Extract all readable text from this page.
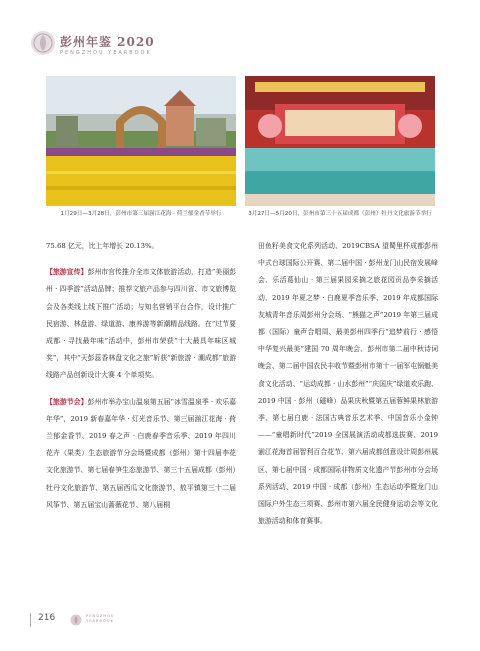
彭州年鉴 2020
PENGZHOU YEARBOOK
1月29日—3月28日，彭州市第三届湔江花海 · 荷兰郁金香节举行	3月27日—5月20日，彭州市第三十五届成都（彭州）牡丹文化旅游节举行

75.68 亿元，比上年增长 20.13%。

【旅游宣传】彭州市官传推介全市文体旅游活动，打造“美丽彭州 · 四季游”活动品牌；推荐文旅产品参与四川省、市文旅博览会及各类线上线下推广活动；与知名营销平台合作，设计推广民宿游、林盘游、绿道游、康养游等新潮精品线路。在“过节要成都 · 寻找最年味”活动中，彭州市荣获“十大最具年味区城奖”，其中“天彭蕊香林盘文化之旅”斩获“新旅游 · 潮成都”旅游线路产品创新设计大赛 4 个单项奖。

【旅游节会】彭州市举办宝山温泉第五届“冰雪温泉季 · 欢乐嘉年华”，2019 新春嘉年华 · 灯光音乐节、第三届湔江花海 · 荷兰郁金香节、2019 春之声 · 白鹿春季音乐季、2019 年四川花卉（果类）生态旅游节分会场暨成都（彭州）第十四届李花文化旅游节、第七届春笋生态旅游节、第三十五届成都（彭州）牡丹文化旅游节、第五届西瓜文化旅游节、敖平镇第三十二届风筝节、第五届宝山蔷薇花节、第八届桐

田鱼籽美食文化系列活动、2019CBSA 望蜀里杯成都彭州中式台球国际公开赛、第二届中国 · 彭州龙门山民宿发展峰会、乐活葛仙山 · 第三届果园采摘之旅花园贡品李采摘活动、2019 年夏之梦 · 白鹿夏季音乐季、2019 年成都国际友城青年音乐周彭州分会场、“熊猫之声”2019 年第三届成都（国际）童声合唱周、最美彭州四季行“追梦前行 · 感悟中华复兴最美”建国 70 周年晚会、彭州市第二届中秋诗词晚会、第二届中国农民丰收节暨彭州市第十一届军屯锅魁美食文化活动、“运动成都 · 山水彭州”“庆国庆”绿道欢乐跑、2019 中国 · 彭州（磁峰）品果庆秋暨第五届蓉鲜果林旅游季、第七届白鹿 · 法国古典音乐艺术季、中国音乐小金钟——“童唱新时代”2019 全国展演活动成都选拔赛、2019 湔江花海首届智利百合花节、第六届成都创意设计周彭州展区、第七届中国 · 成都国际非物质文化遗产节彭州市分会场系列活动、2019 中国 · 成都（彭州）生态运动季暨龙门山国际户外生态三项赛、彭州市第六届全民健身运动会等文化旅游活动和体育赛事。

216	PENGZHOU
YEARBOOK
